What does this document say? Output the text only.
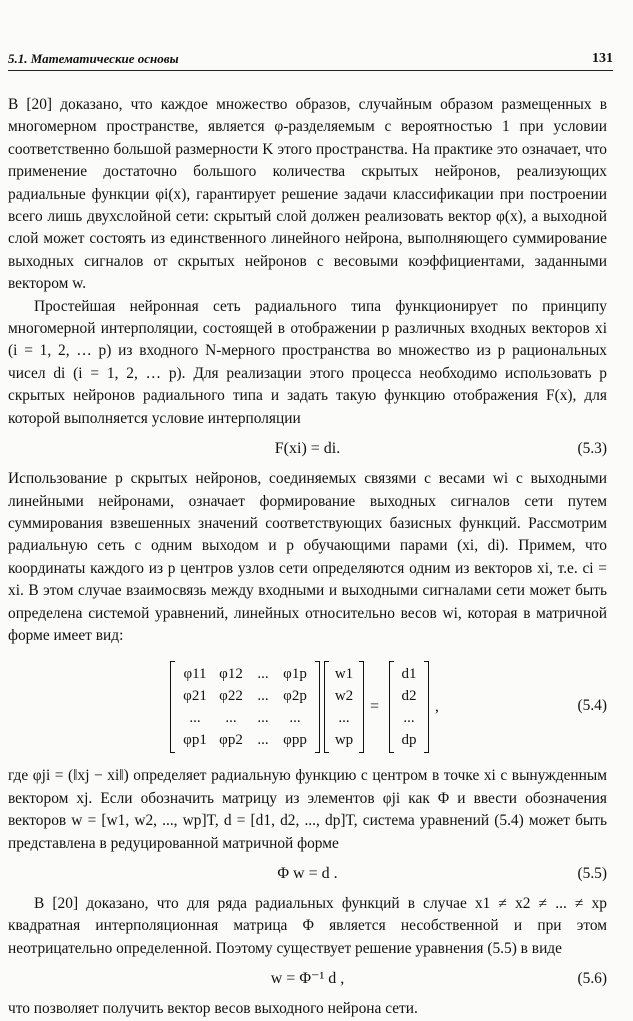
5.1. Математические основы	131

В [20] доказано, что каждое множество образов, случайным образом размещенных в многомерном пространстве, является φ-разделяемым с вероятностью 1 при условии соответственно большой размерности K этого пространства. На практике это означает, что применение достаточно большого количества скрытых нейронов, реализующих радиальные функции φi(x), гарантирует решение задачи классификации при построении всего лишь двухслойной сети: скрытый слой должен реализовать вектор φ(x), а выходной слой может состоять из единственного линейного нейрона, выполняющего суммирование выходных сигналов от скрытых нейронов с весовыми коэффициентами, заданными вектором w.

Простейшая нейронная сеть радиального типа функционирует по принципу многомерной интерполяции, состоящей в отображении p различных входных векторов xi (i = 1, 2, … p) из входного N-мерного пространства во множество из p рациональных чисел di (i = 1, 2, … p). Для реализации этого процесса необходимо использовать p скрытых нейронов радиального типа и задать такую функцию отображения F(x), для которой выполняется условие интерполяции

F(xi) = di.	(5.3)

Использование p скрытых нейронов, соединяемых связями с весами wi с выходными линейными нейронами, означает формирование выходных сигналов сети путем суммирования взвешенных значений соответствующих базисных функций. Рассмотрим радиальную сеть с одним выходом и p обучающими парами (xi, di). Примем, что координаты каждого из p центров узлов сети определяются одним из векторов xi, т.е. ci = xi. В этом случае взаимосвязь между входными и выходными сигналами сети может быть определена системой уравнений, линейных относительно весов wi, которая в матричной форме имеет вид:

φ11 φ12 ... φ1p
φ21 φ22 ... φ2p
...	...	...	...
φp1 φp2 ... φpp
w1
w2
...
wp
=
d1
d2
...
dp
,	(5.4)

где φji = (‖xj − xi‖) определяет радиальную функцию с центром в точке xi с вынужденным вектором xj. Если обозначить матрицу из элементов φji как Φ и ввести обозначения векторов w = [w1, w2, ..., wp]T, d = [d1, d2, ..., dp]T, система уравнений (5.4) может быть представлена в редуцированной матричной форме

Φ w = d .	(5.5)

В [20] доказано, что для ряда радиальных функций в случае x1 ≠ x2 ≠ ... ≠ xp квадратная интерполяционная матрица Φ является несобственной и при этом неотрицательно определенной. Поэтому существует решение уравнения (5.5) в виде

w = Φ⁻¹ d ,	(5.6)

что позволяет получить вектор весов выходного нейрона сети.
